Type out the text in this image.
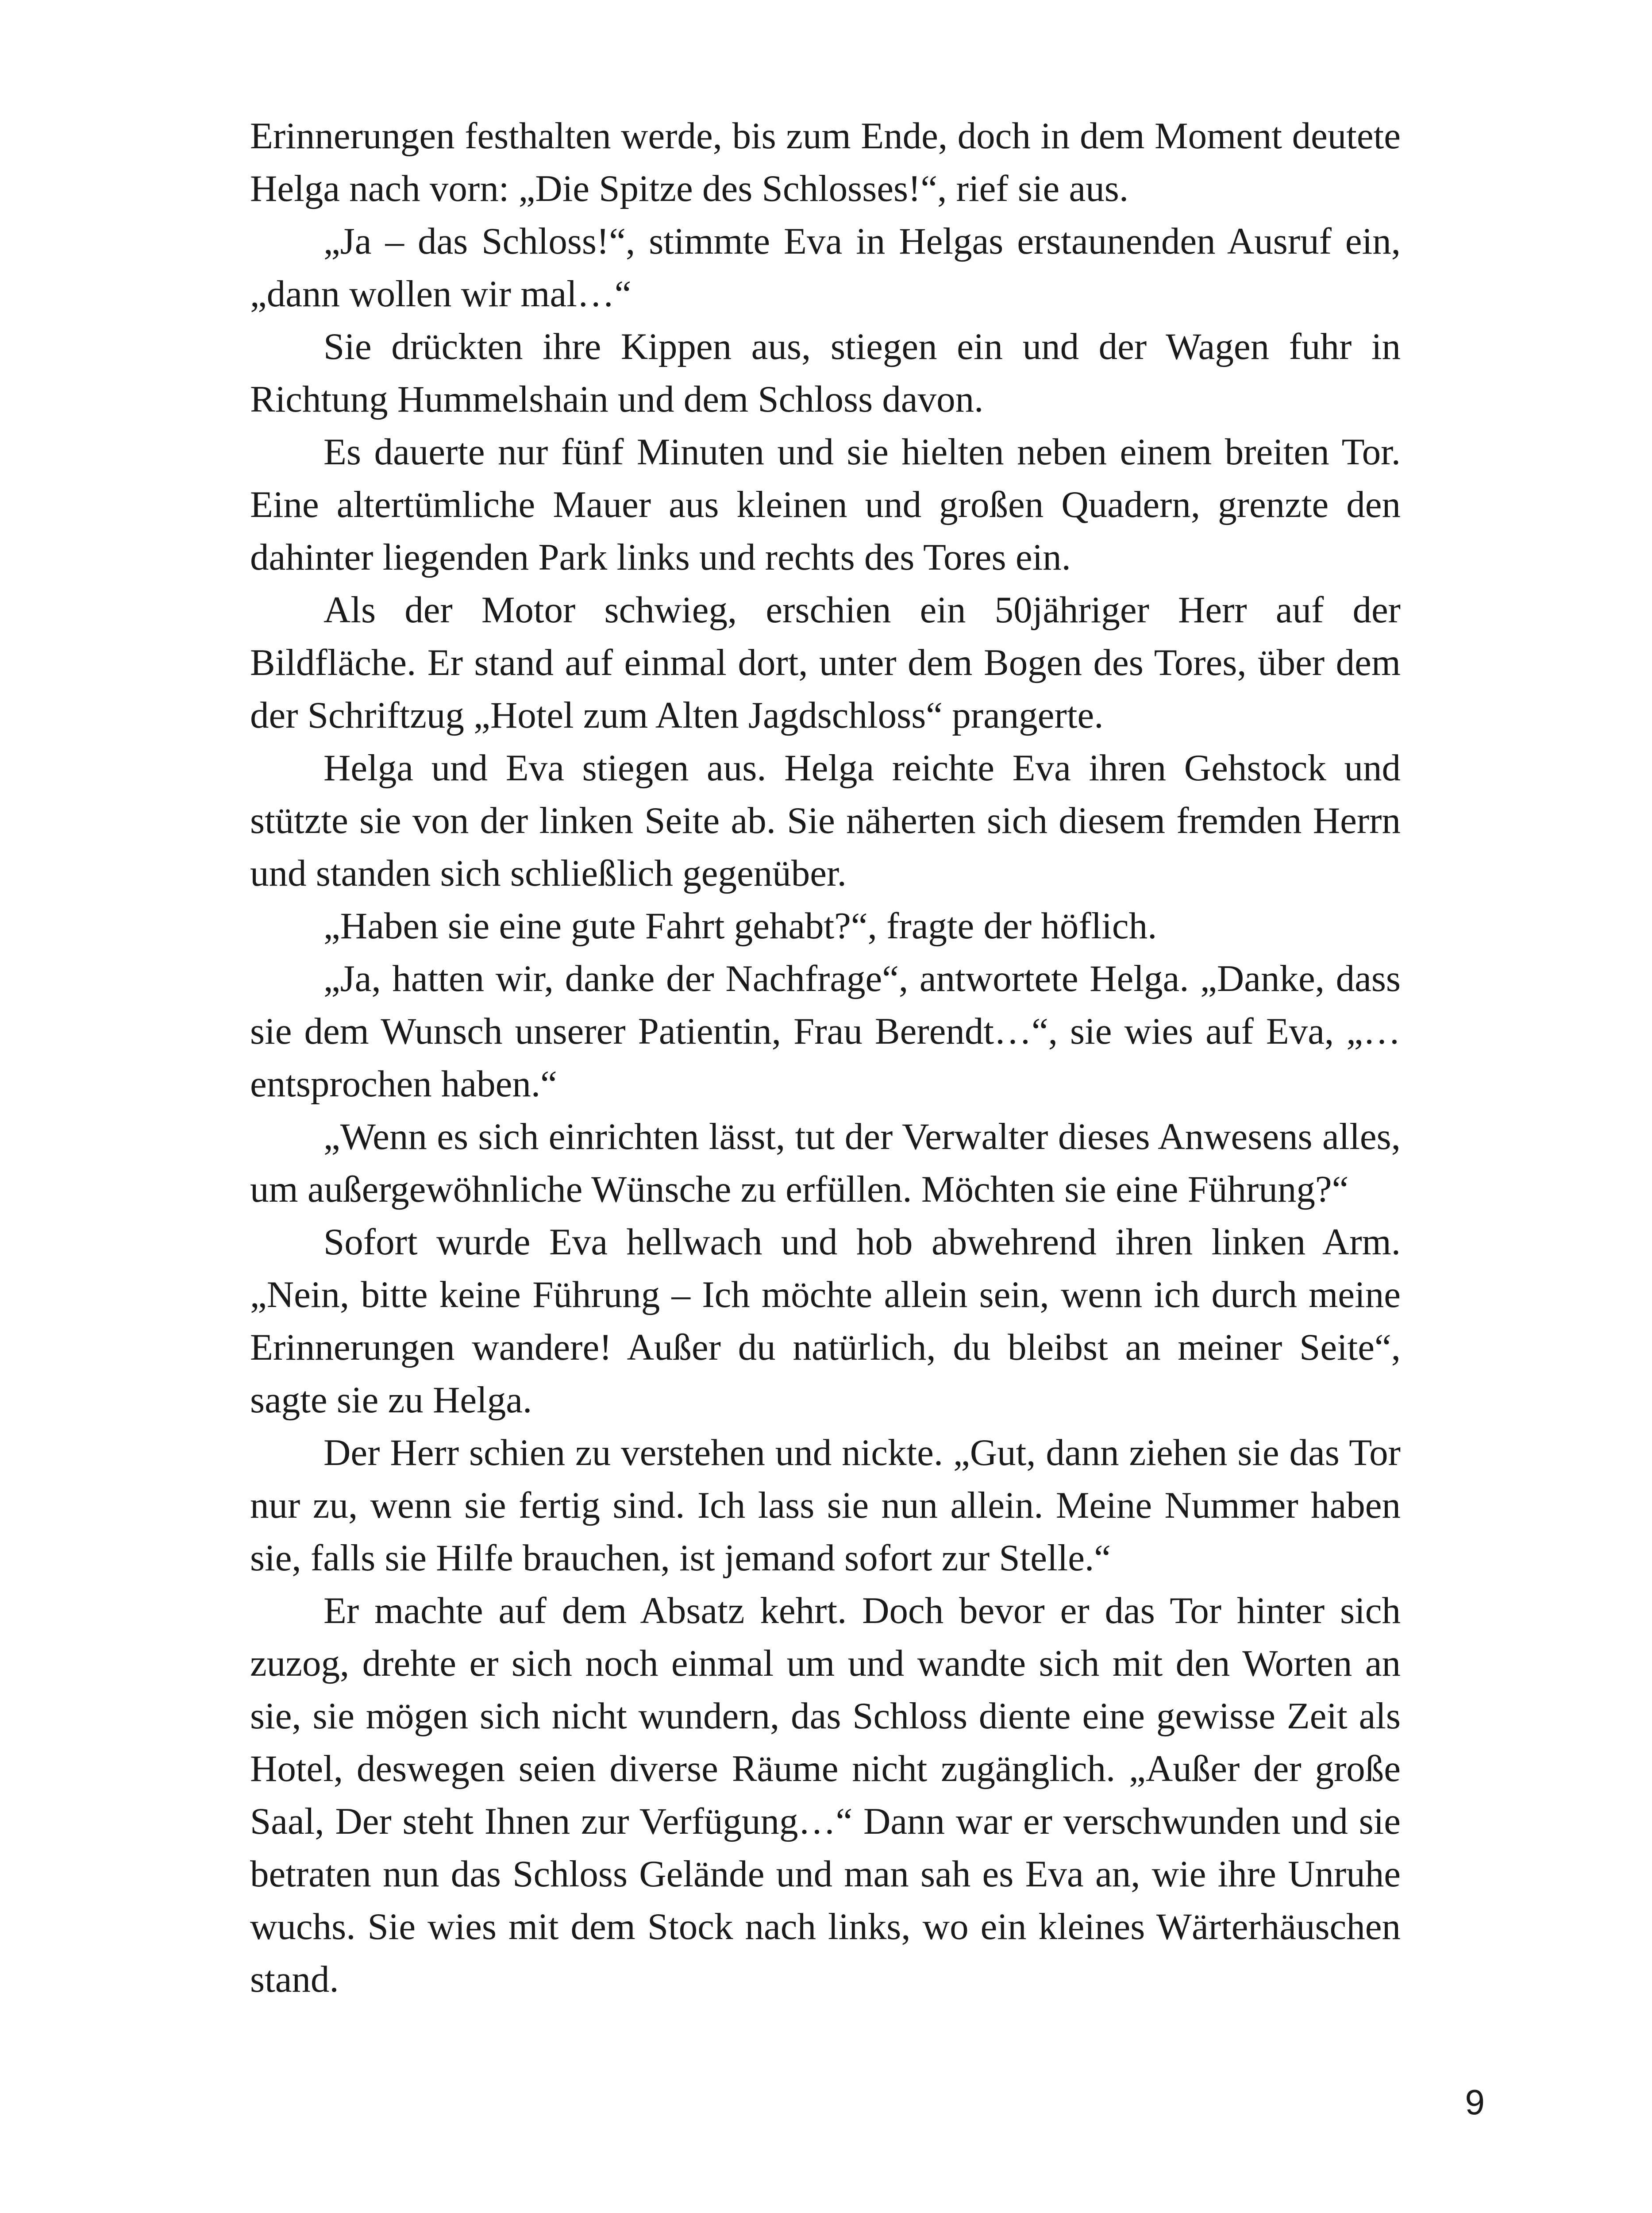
Erinnerungen festhalten werde, bis zum Ende, doch in dem Moment deutete Helga nach vorn: „Die Spitze des Schlosses!“, rief sie aus.

„Ja – das Schloss!“, stimmte Eva in Helgas erstaunenden Ausruf ein, „dann wollen wir mal…“

Sie drückten ihre Kippen aus, stiegen ein und der Wagen fuhr in Richtung Hummelshain und dem Schloss davon.

Es dauerte nur fünf Minuten und sie hielten neben einem breiten Tor. Eine altertümliche Mauer aus kleinen und großen Quadern, grenzte den dahinter liegenden Park links und rechts des Tores ein.

Als der Motor schwieg, erschien ein 50jähriger Herr auf der Bildfläche. Er stand auf einmal dort, unter dem Bogen des Tores, über dem der Schriftzug „Hotel zum Alten Jagdschloss“ prangerte.

Helga und Eva stiegen aus. Helga reichte Eva ihren Gehstock und stützte sie von der linken Seite ab. Sie näherten sich diesem fremden Herrn und standen sich schließlich gegenüber.

„Haben sie eine gute Fahrt gehabt?“, fragte der höflich.

„Ja, hatten wir, danke der Nachfrage“, antwortete Helga. „Danke, dass sie dem Wunsch unserer Patientin, Frau Berendt…“, sie wies auf Eva, „… entsprochen haben.“

„Wenn es sich einrichten lässt, tut der Verwalter dieses Anwesens alles, um außergewöhnliche Wünsche zu erfüllen. Möchten sie eine Führung?“

Sofort wurde Eva hellwach und hob abwehrend ihren linken Arm. „Nein, bitte keine Führung – Ich möchte allein sein, wenn ich durch meine Erinnerungen wandere! Außer du natürlich, du bleibst an meiner Seite“, sagte sie zu Helga.

Der Herr schien zu verstehen und nickte. „Gut, dann ziehen sie das Tor nur zu, wenn sie fertig sind. Ich lass sie nun allein. Meine Nummer haben sie, falls sie Hilfe brauchen, ist jemand sofort zur Stelle.“

Er machte auf dem Absatz kehrt. Doch bevor er das Tor hinter sich zuzog, drehte er sich noch einmal um und wandte sich mit den Worten an sie, sie mögen sich nicht wundern, das Schloss diente eine gewisse Zeit als Hotel, deswegen seien diverse Räume nicht zugänglich. „Außer der große Saal, Der steht Ihnen zur Verfügung…“ Dann war er verschwunden und sie betraten nun das Schloss Gelände und man sah es Eva an, wie ihre Unruhe wuchs. Sie wies mit dem Stock nach links, wo ein kleines Wärterhäuschen stand.

9
